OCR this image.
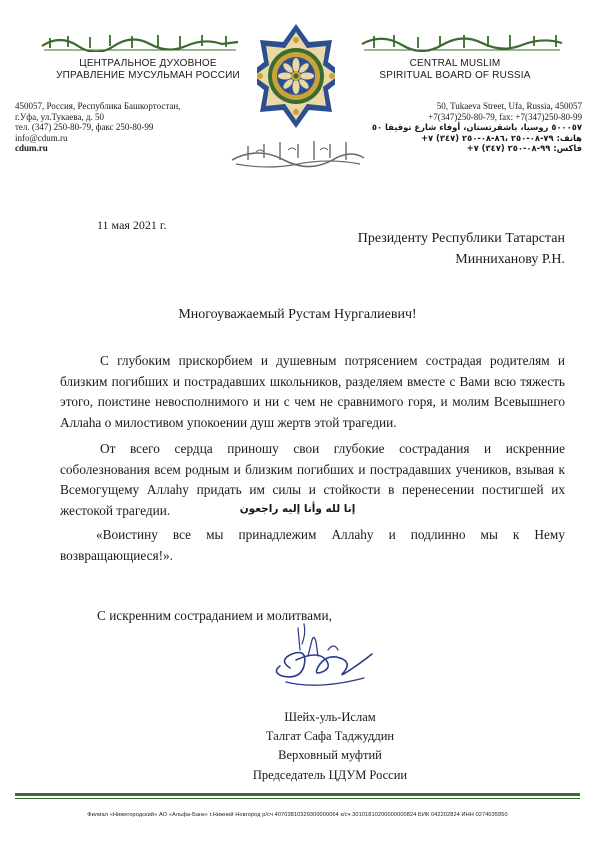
ЦЕНТРАЛЬНОЕ ДУХОВНОЕ
УПРАВЛЕНИЕ МУСУЛЬМАН РОССИИ
CENTRAL MUSLIM
SPIRITUAL BOARD OF RUSSIA
450057, Россия, Республика Башкортостан,
г.Уфа, ул.Тукаева, д. 50
тел. (347) 250-80-79, факс 250-80-99
info@cdum.ru
cdum.ru
50, Tukaeva Street, Ufa, Russia, 450057
+7(347)250-80-79, fax: +7(347)250-80-99
٥٠٠٠٥٧ روسيا، باشقرتستان، أوفاء شارع توقيفا ٥٠
هاتف: ٧٩-٠٨-٢٥٠ ،٨٦-٠٨-٢٥٠ (٣٤٧) ٧+
فاكس: ٩٩-٠٨-٢٥٠ (٣٤٧) ٧+
11 мая 2021 г.
Президенту Республики Татарстан
Минниханову Р.Н.
Многоуважаемый Рустам Нургалиевич!

С глубоким прискорбием и душевным потрясением сострадая родителям и близким погибших и пострадавших школьников, разделяем вместе с Вами всю тяжесть этого, поистине невосполнимого и ни с чем не сравнимого горя, и молим Всевышнего Аллаhа о милостивом упокоении душ жертв этой трагедии.

От всего сердца приношу свои глубокие сострадания и искренние соболезнования всем родным и близким погибших и пострадавших учеников, взывая к Всемогущему Аллаhу придать им силы и стойкости в перенесении постигшей их жестокой трагедии.	إنا لله وأنا إليه راجعون
«Воистину все мы принадлежим Аллаhу и подлинно мы к Нему возвращающиеся!».
С искренним состраданием и молитвами,
Шейх-уль-Ислам
Талгат Сафа Таджуддин
Верховный муфтий
Председатель ЦДУМ России
Филиал «Нижегородский» АО «Альфа-Банк» г.Нижний Новгород р/сч 40703810329300000064 к/сч 30101810200000000824 БИК 042202824 ИНН 0274035950
